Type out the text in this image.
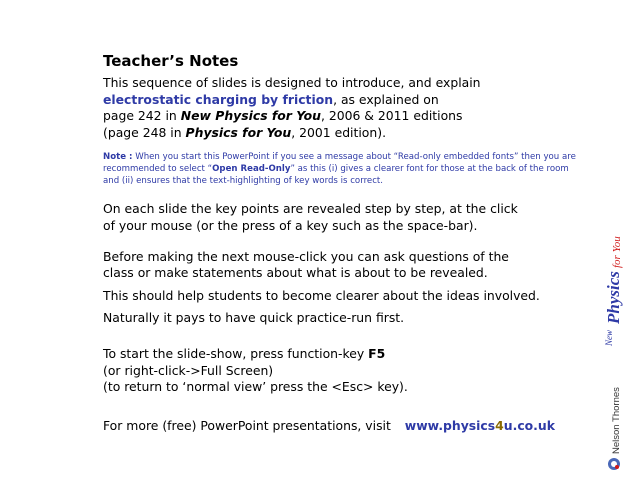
Teacher’s Notes

This sequence of slides is designed to introduce, and explain
electrostatic charging by friction, as explained on
page 242 in New Physics for You, 2006 & 2011 editions
(page 248 in Physics for You, 2001 edition).

Note : When you start this PowerPoint if you see a message about “Read-only embedded fonts” then you are recommended to select “Open Read-Only” as this (i) gives a clearer font for those at the back of the room and (ii) ensures that the text-highlighting of key words is correct.

On each slide the key points are revealed step by step, at the click
of your mouse (or the press of a key such as the space-bar).

Before making the next mouse-click you can ask questions of the
class or make statements about what is about to be revealed.

This should help students to become clearer about the ideas involved.

Naturally it pays to have quick practice-run first.

To start the slide-show, press function-key F5
(or right-click->Full Screen)
(to return to ‘normal view’ press the <Esc> key).

For more (free) PowerPoint presentations, visit www.physics4u.co.uk

New
Physics
for You
Nelson Thornes
